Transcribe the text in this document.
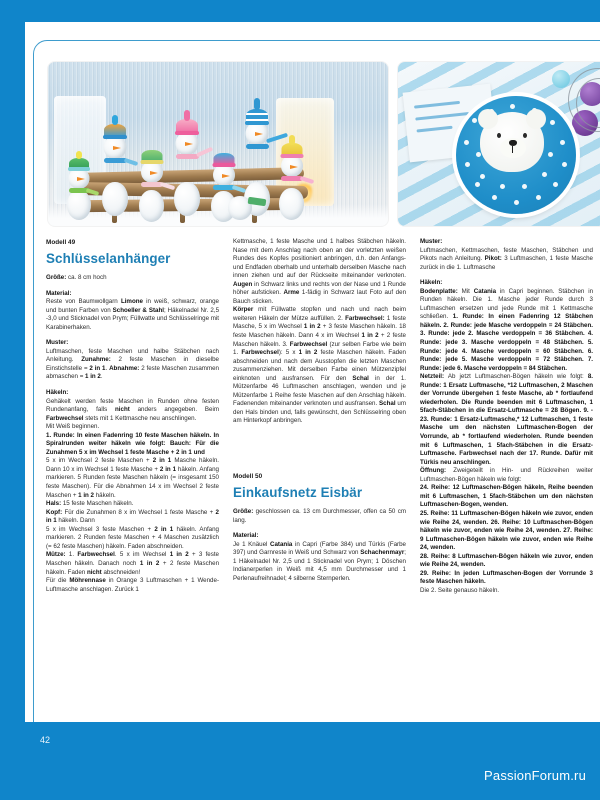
Modell 49
Schlüsselanhänger

Größe: ca. 8 cm hoch

Material:

Reste von Baumwollgarn Limone in weiß, schwarz, orange und bunten Farben von Schoeller & Stahl; Häkelnadel Nr. 2,5 -3,0 und Sticknadel von Prym; Füllwatte und Schlüsselringe mit Karabinerhaken.

Muster:

Luftmaschen, feste Maschen und halbe Stäbchen nach Anleitung. Zunahme: 2 feste Maschen in dieselbe Einstichstelle = 2 in 1. Abnahme: 2 feste Maschen zusammen abmaschen = 1 in 2.

Häkeln:

Gehäkelt werden feste Maschen in Runden ohne festen Rundenanfang, falls nicht anders angegeben. Beim Farbwechsel stets mit 1 Kettmasche neu anschlingen.

Mit Weiß beginnen.

1. Runde: In einen Fadenring 10 feste Maschen häkeln. In Spiralrunden weiter häkeln wie folgt: Bauch: Für die Zunahmen 5 x im Wechsel 1 feste Masche + 2 in 1 und

5 x im Wechsel 2 feste Maschen + 2 in 1 Masche häkeln. Dann 10 x im Wechsel 1 feste Masche + 2 in 1 häkeln. Anfang markieren. 5 Runden feste Maschen häkeln (= insgesamt 150 feste Maschen). Für die Abnahmen 14 x im Wechsel 2 feste Maschen + 1 in 2 häkeln.

Hals: 15 feste Maschen häkeln.

Kopf: Für die Zunahmen 8 x im Wechsel 1 feste Masche + 2 in 1 häkeln. Dann

5 x im Wechsel 3 feste Maschen + 2 in 1 häkeln. Anfang markieren. 2 Runden feste Maschen + 4 Maschen zusätzlich (= 62 feste Maschen) häkeln. Faden abschneiden.

Mütze: 1. Farbwechsel. 5 x im Wechsel 1 in 2 + 3 feste Maschen häkeln. Danach noch 1 in 2 + 2 feste Maschen häkeln. Faden nicht abschneiden!

Für die Möhrennase in Orange 3 Luftmaschen + 1 Wende-Luftmasche anschlagen. Zurück 1

Kettmasche, 1 feste Masche und 1 halbes Stäbchen häkeln. Nase mit dem Anschlag nach oben an der vorletzten weißen Rundes des Kopfes positioniert anbringen, d.h. den Anfangs- und Endfaden oberhalb und unterhalb derselben Masche nach innen ziehen und auf der Rückseite miteinander verknoten. Augen in Schwarz links und rechts von der Nase und 1 Runde höher aufsticken. Arme 1-fädig in Schwarz laut Foto auf den Bauch sticken.

Körper mit Füllwatte stopfen und nach und nach beim weiteren Häkeln der Mütze auffüllen. 2. Farbwechsel: 1 feste Masche, 5 x im Wechsel 1 in 2 + 3 feste Maschen häkeln. 18 feste Maschen häkeln. Dann 4 x im Wechsel 1 in 2 + 2 feste Maschen häkeln. 3. Farbwechsel (zur selben Farbe wie beim 1. Farbwechsel): 5 x 1 in 2 feste Maschen häkeln. Faden abschneiden und nach dem Ausstopfen die letzten Maschen zusammenziehen. Mit derselben Farbe einen Mützenzipfel einknoten und ausfransen. Für den Schal in der 1. Mützenfarbe 46 Luftmaschen anschlagen, wenden und je Mützenfarbe 1 Reihe feste Maschen auf den Anschlag häkeln. Fadenenden miteinander verknoten und ausfransen. Schal um den Hals binden und, falls gewünscht, den Schlüsselring oben am Hinterkopf anbringen.

Modell 50
Einkaufsnetz Eisbär

Größe: geschlossen ca. 13 cm Durchmesser, offen ca 50 cm lang.

Material:

Je 1 Knäuel Catania in Capri (Farbe 384) und Türkis (Farbe 397) und Garnreste in Weiß und Schwarz von Schachenmayr; 1 Häkelnadel Nr. 2,5 und 1 Sticknadel von Prym; 1 Döschen Indianerperlen in Weiß mit 4,5 mm Durchmesser und 1 Perlenaufreihnadel; 4 silberne Sternperlen.

Muster:

Luftmaschen, Kettmaschen, feste Maschen, Stäbchen und Pikots nach Anleitung. Pikot: 3 Luftmaschen, 1 feste Masche zurück in die 1. Luftmasche

Häkeln:

Bodenplatte: Mit Catania in Capri beginnen. Stäbchen in Runden häkeln. Die 1. Masche jeder Runde durch 3 Luftmaschen ersetzen und jede Runde mit 1 Kettmasche schließen. 1. Runde: In einen Fadenring 12 Stäbchen häkeln. 2. Runde: jede Masche verdoppeln = 24 Stäbchen. 3. Runde: jede 2. Masche verdoppeln = 36 Stäbchen. 4. Runde: jede 3. Masche verdoppeln = 48 Stäbchen. 5. Runde: jede 4. Masche verdoppeln = 60 Stäbchen. 6. Runde: jede 5. Masche verdoppeln = 72 Stäbchen. 7. Runde: jede 6. Masche verdoppeln = 84 Stäbchen.

Netzteil: Ab jetzt Luftmaschen-Bögen häkeln wie folgt: 8. Runde: 1 Ersatz Luftmasche, *12 Luftmaschen, 2 Maschen der Vorrunde übergehen 1 feste Masche, ab * fortlaufend wiederholen. Die Runde beenden mit 6 Luftmaschen, 1 5fach-Stäbchen in die Ersatz-Luftmasche = 28 Bögen. 9. - 23. Runde: 1 Ersatz-Luftmasche,* 12 Luftmaschen, 1 feste Masche um den nächsten Luftmaschen-Bogen der Vorrunde, ab * fortlaufend wiederholen. Runde beenden mit 6 Luftmaschen, 1 5fach-Stäbchen in die Ersatz-Luftmasche. Farbwechsel nach der 17. Runde. Dafür mit Türkis neu anschlingen.

Öffnung: Zweigeteilt in Hin- und Rückreihen weiter Luftmaschen-Bögen häkeln wie folgt:

24. Reihe: 12 Luftmaschen-Bögen häkeln, Reihe beenden mit 6 Luftmaschen, 1 5fach-Stäbchen um den nächsten Luftmaschen-Bogen, wenden.

25. Reihe: 11 Luftmaschen-Bögen häkeln wie zuvor, enden wie Reihe 24, wenden. 26. Reihe: 10 Luftmaschen-Bögen häkeln wie zuvor, enden wie Reihe 24, wenden. 27. Reihe: 9 Luftmaschen-Bögen häkeln wie zuvor, enden wie Reihe 24, wenden.

28. Reihe: 8 Luftmaschen-Bögen häkeln wie zuvor, enden wie Reihe 24, wenden.

29. Reihe: In jeden Luftmaschen-Bogen der Vorrunde 3 feste Maschen häkeln.

Die 2. Seite genauso häkeln.

42
PassionForum.ru
